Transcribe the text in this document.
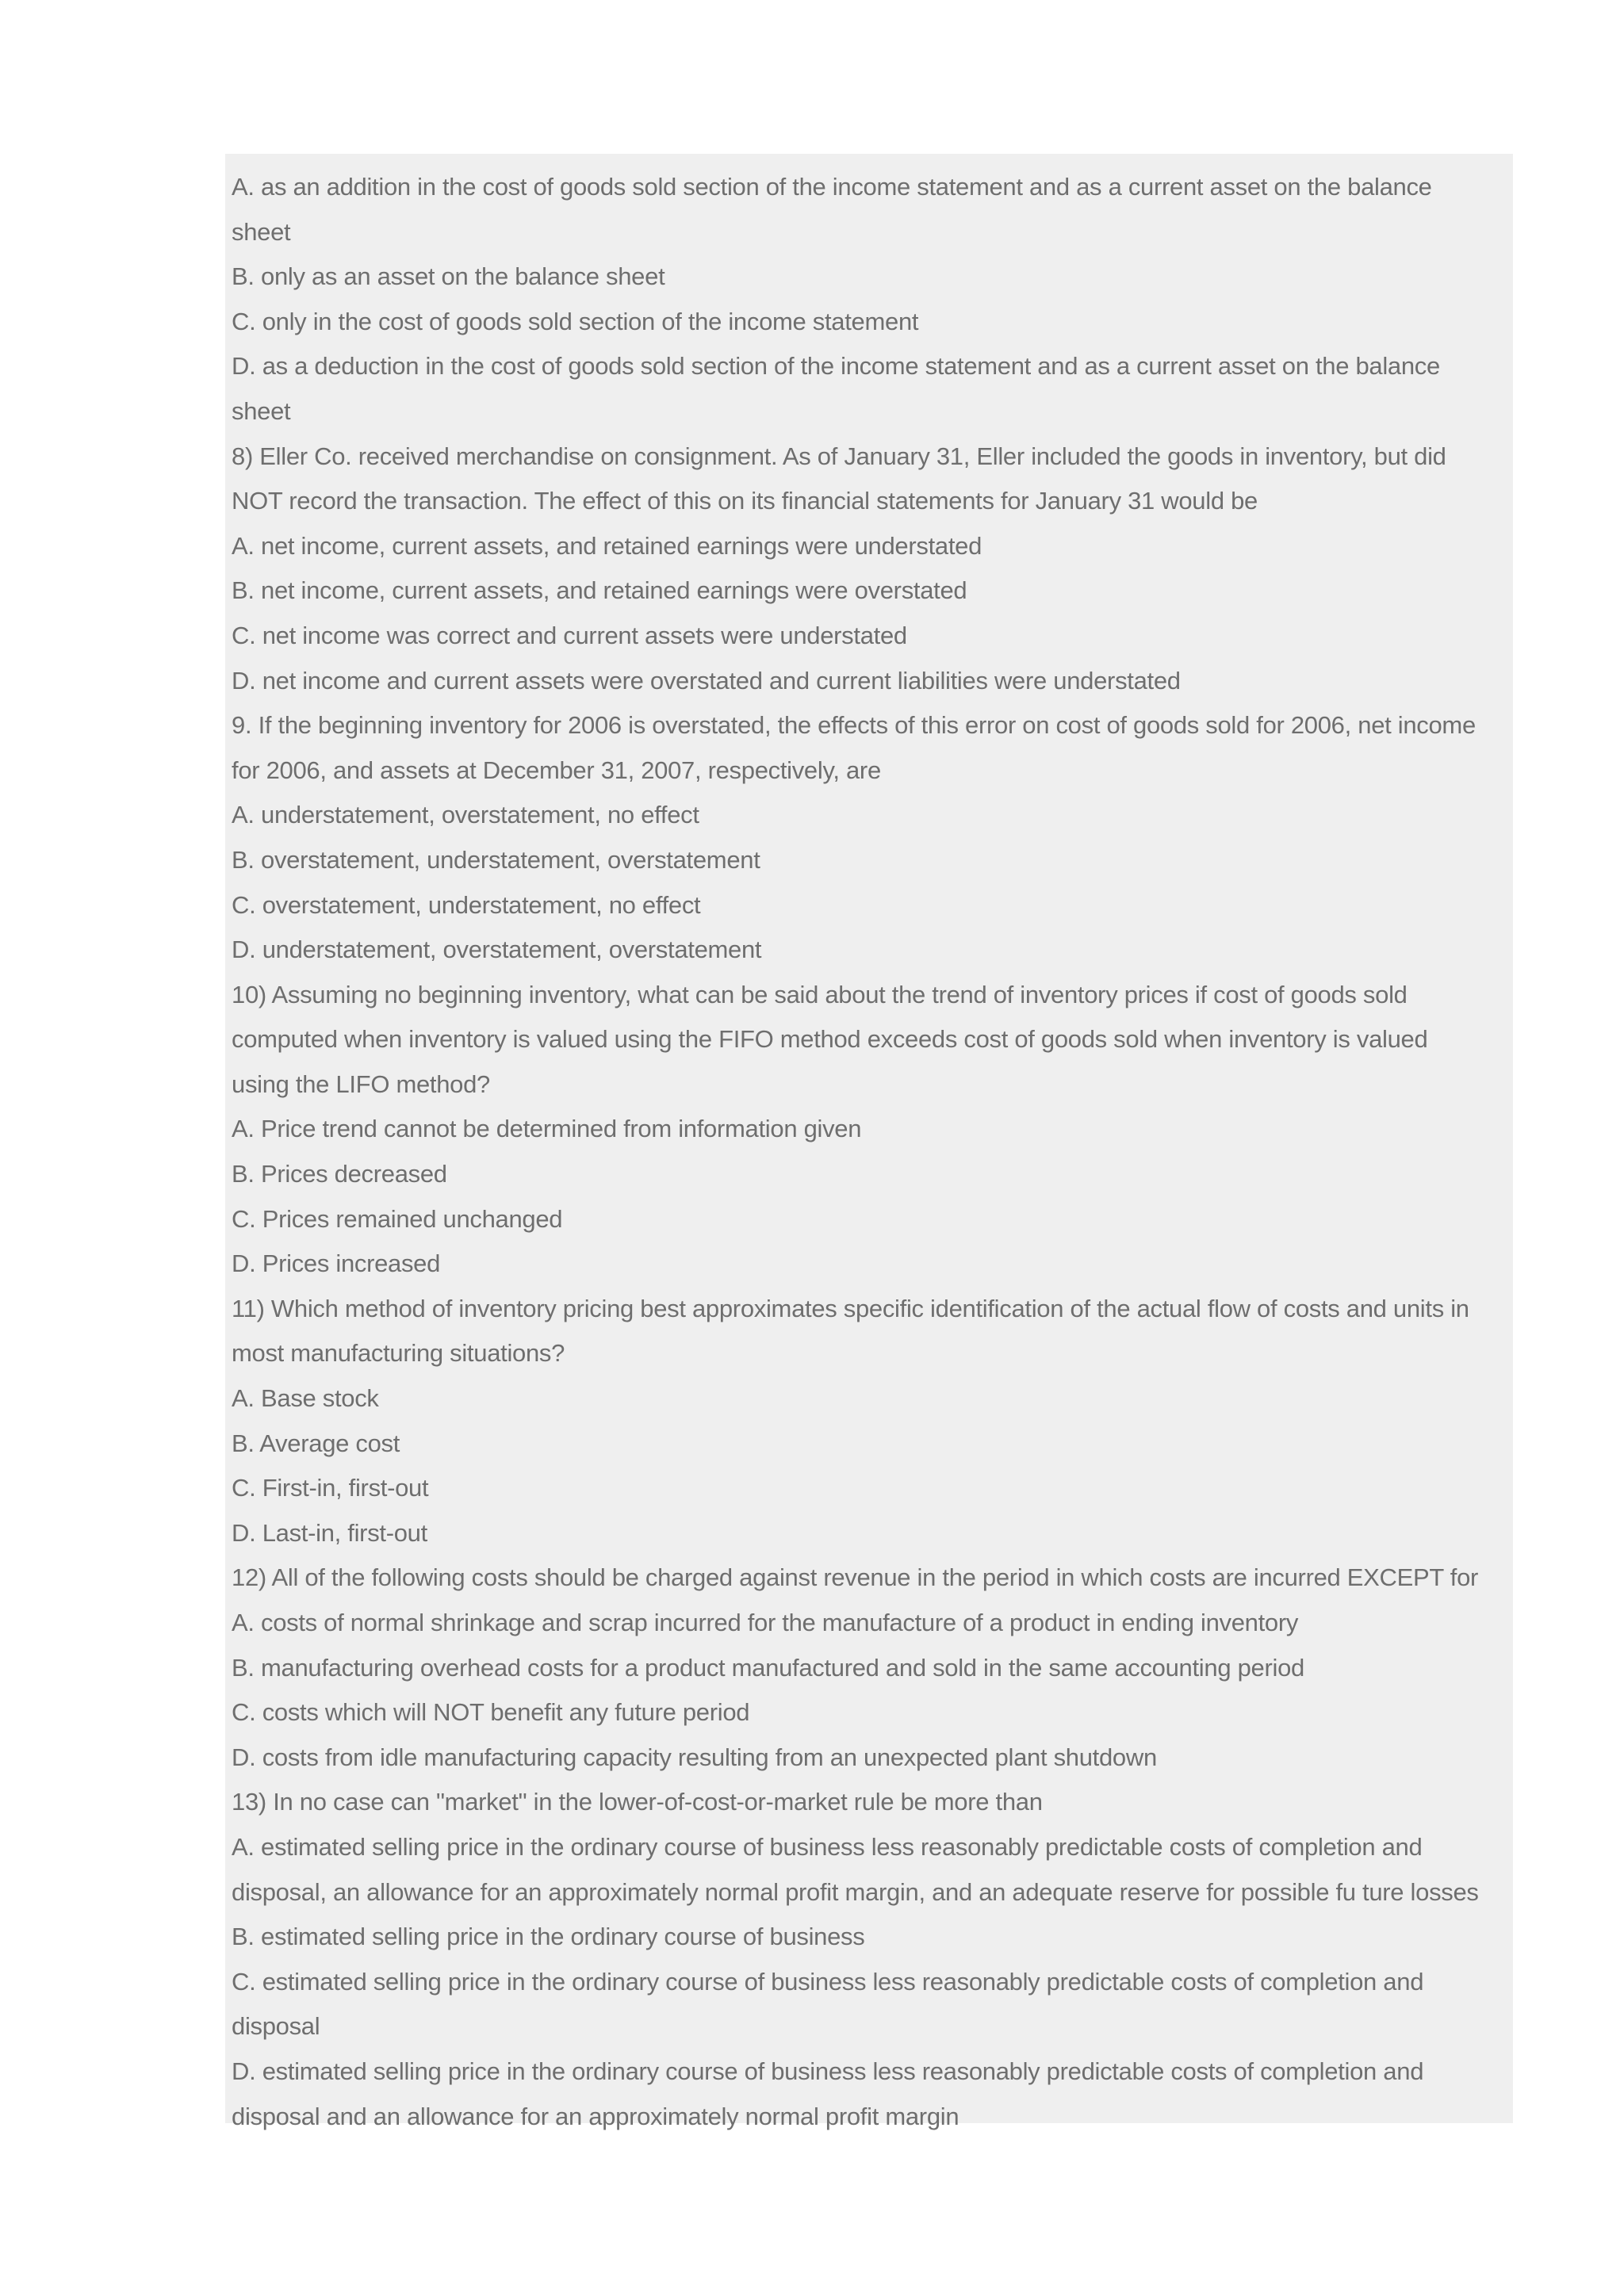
A. as an addition in the cost of goods sold section of the income statement and as a current asset on the balance
sheet
B. only as an asset on the balance sheet
C. only in the cost of goods sold section of the income statement
D. as a deduction in the cost of goods sold section of the income statement and as a current asset on the balance
sheet
8) Eller Co. received merchandise on consignment. As of January 31, Eller included the goods in inventory, but did
NOT record the transaction. The effect of this on its financial statements for January 31 would be
A. net income, current assets, and retained earnings were understated
B. net income, current assets, and retained earnings were overstated
C. net income was correct and current assets were understated
D. net income and current assets were overstated and current liabilities were understated
9. If the beginning inventory for 2006 is overstated, the effects of this error on cost of goods sold for 2006, net income
for 2006, and assets at December 31, 2007, respectively, are
A. understatement, overstatement, no effect
B. overstatement, understatement, overstatement
C. overstatement, understatement, no effect
D. understatement, overstatement, overstatement
10) Assuming no beginning inventory, what can be said about the trend of inventory prices if cost of goods sold
computed when inventory is valued using the FIFO method exceeds cost of goods sold when inventory is valued
using the LIFO method?
A. Price trend cannot be determined from information given
B. Prices decreased
C. Prices remained unchanged
D. Prices increased
11) Which method of inventory pricing best approximates specific identification of the actual flow of costs and units in
most manufacturing situations?
A. Base stock
B. Average cost
C. First-in, first-out
D. Last-in, first-out
12) All of the following costs should be charged against revenue in the period in which costs are incurred EXCEPT for
A. costs of normal shrinkage and scrap incurred for the manufacture of a product in ending inventory
B. manufacturing overhead costs for a product manufactured and sold in the same accounting period
C. costs which will NOT benefit any future period
D. costs from idle manufacturing capacity resulting from an unexpected plant shutdown
13) In no case can "market" in the lower-of-cost-or-market rule be more than
A. estimated selling price in the ordinary course of business less reasonably predictable costs of completion and
disposal, an allowance for an approximately normal profit margin, and an adequate reserve for possible fu ture losses
B. estimated selling price in the ordinary course of business
C. estimated selling price in the ordinary course of business less reasonably predictable costs of completion and
disposal
D. estimated selling price in the ordinary course of business less reasonably predictable costs of completion and
disposal and an allowance for an approximately normal profit margin
